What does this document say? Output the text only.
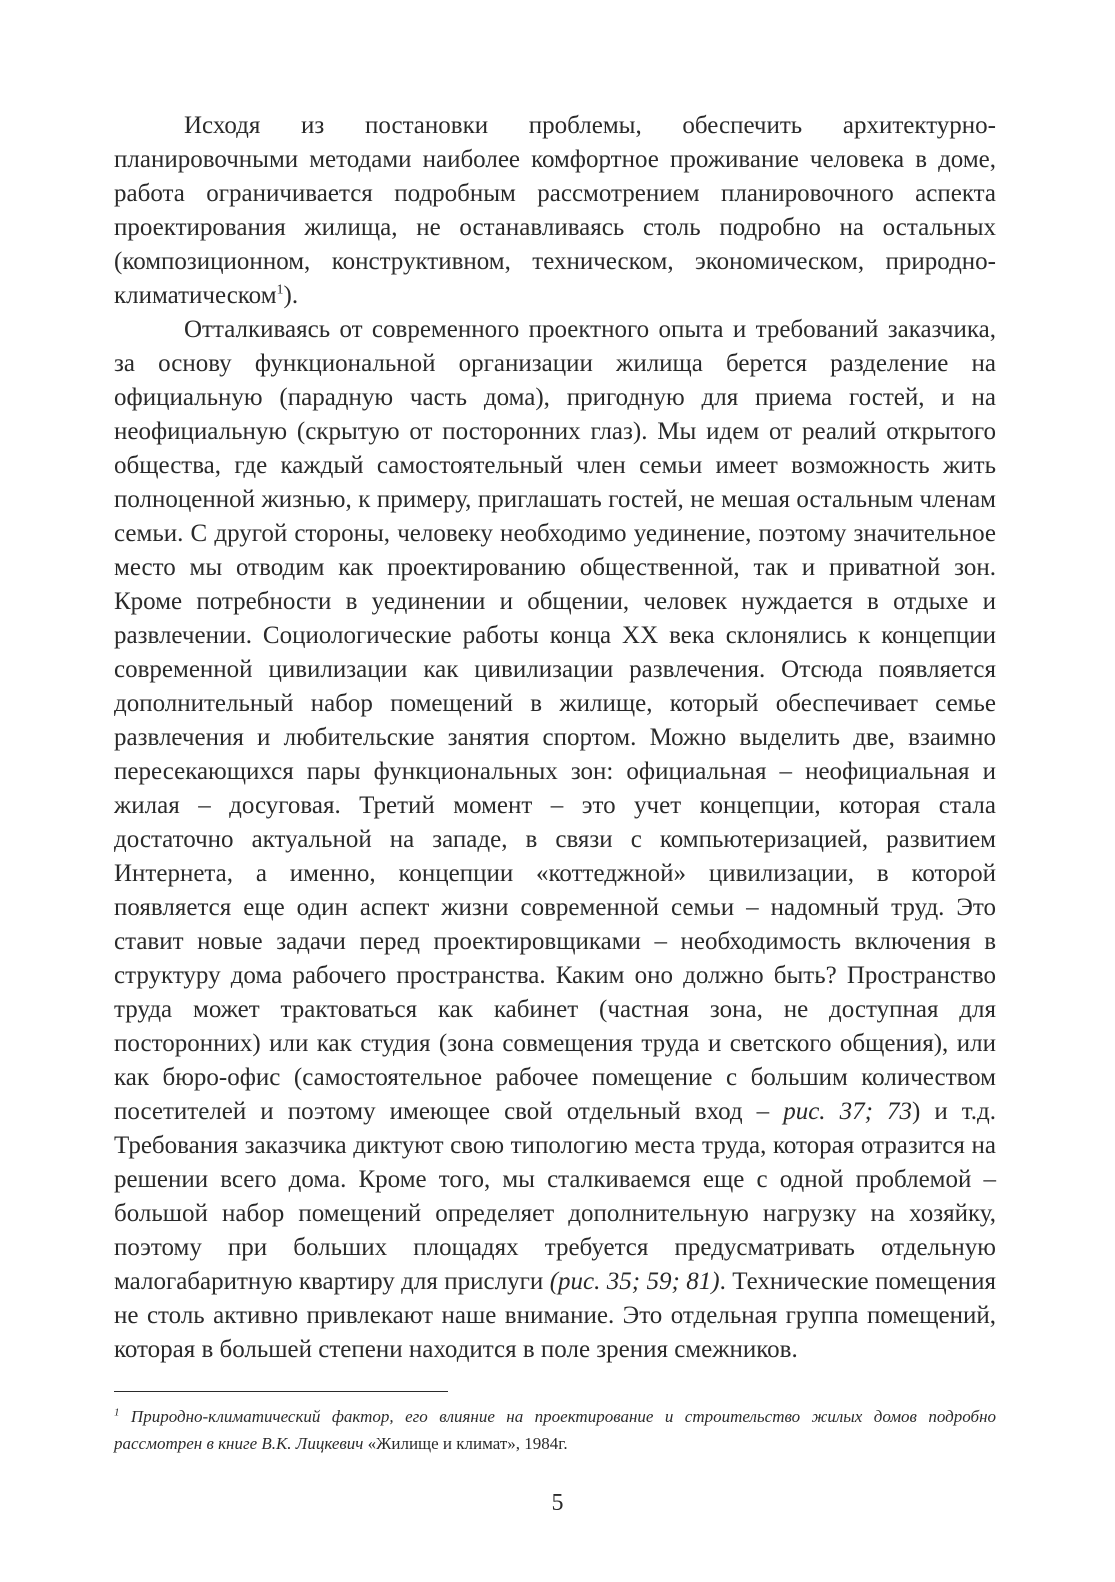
Исходя из постановки проблемы, обеспечить архитектурно-планировочными методами наиболее комфортное проживание человека в доме, работа ограничивается подробным рассмотрением планировочного аспекта проектирования жилища, не останавливаясь столь подробно на остальных (композиционном, конструктивном, техническом, экономическом, природно-климатическом$^1$).

Отталкиваясь от современного проектного опыта и требований заказчика, за основу функциональной организации жилища берется разделение на официальную (парадную часть дома), пригодную для приема гостей, и на неофициальную (скрытую от посторонних глаз). Мы идем от реалий открытого общества, где каждый самостоятельный член семьи имеет возможность жить полноценной жизнью, к примеру, приглашать гостей, не мешая остальным членам семьи. С другой стороны, человеку необходимо уединение, поэтому значительное место мы отводим как проектированию общественной, так и приватной зон. Кроме потребности в уединении и общении, человек нуждается в отдыхе и развлечении. Социологические работы конца XX века склонялись к концепции современной цивилизации как цивилизации развлечения. Отсюда появляется дополнительный набор помещений в жилище, который обеспечивает семье развлечения и любительские занятия спортом. Можно выделить две, взаимно пересекающихся пары функциональных зон: официальная – неофициальная и жилая – досуговая. Третий момент – это учет концепции, которая стала достаточно актуальной на западе, в связи с компьютеризацией, развитием Интернета, а именно, концепции «коттеджной» цивилизации, в которой появляется еще один аспект жизни современной семьи – надомный труд. Это ставит новые задачи перед проектировщиками – необходимость включения в структуру дома рабочего пространства. Каким оно должно быть? Пространство труда может трактоваться как кабинет (частная зона, не доступная для посторонних) или как студия (зона совмещения труда и светского общения), или как бюро-офис (самостоятельное рабочее помещение с большим количеством посетителей и поэтому имеющее свой отдельный вход – рис. 37; 73) и т.д. Требования заказчика диктуют свою типологию места труда, которая отразится на решении всего дома. Кроме того, мы сталкиваемся еще с одной проблемой – большой набор помещений определяет дополнительную нагрузку на хозяйку, поэтому при больших площадях требуется предусматривать отдельную малогабаритную квартиру для прислуги (рис. 35; 59; 81). Технические помещения не столь активно привлекают наше внимание. Это отдельная группа помещений, которая в большей степени находится в поле зрения смежников.

$^1$ Природно-климатический фактор, его влияние на проектирование и строительство жилых домов подробно рассмотрен в книге В.К. Лицкевич «Жилище и климат», 1984г.
5
